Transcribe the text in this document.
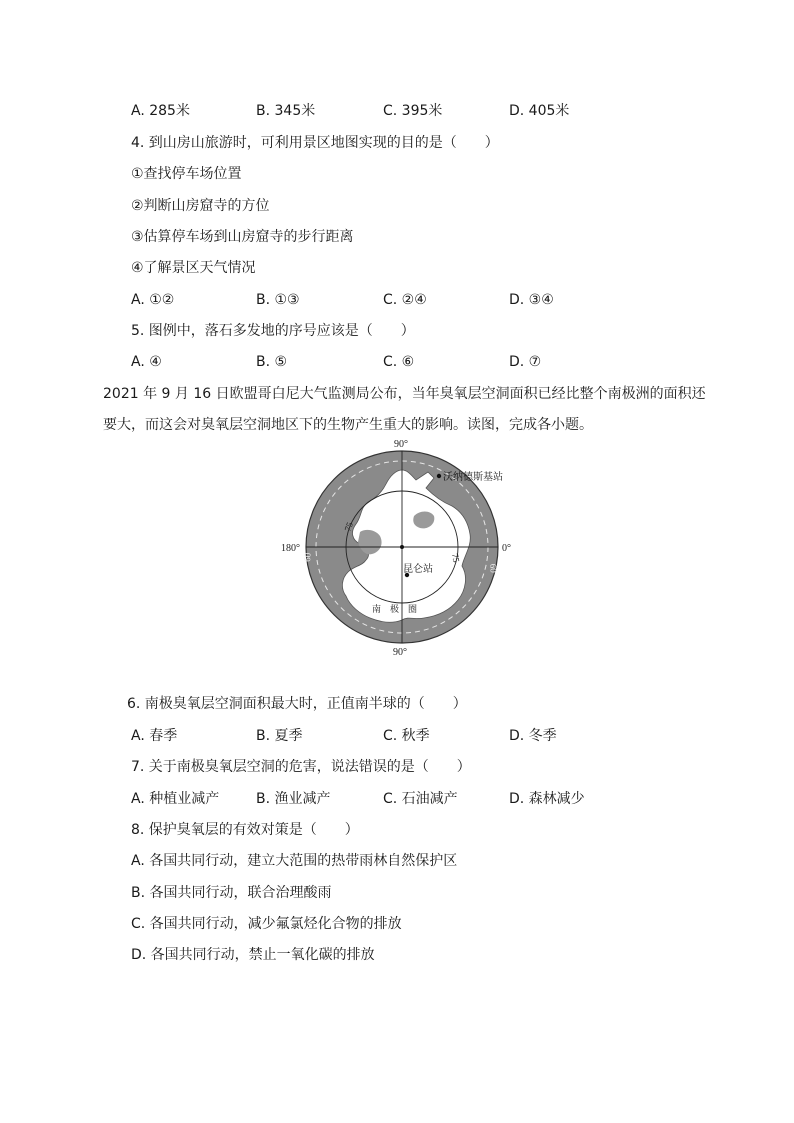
A. 285米	B. 345米	C. 395米	D. 405米
4. 到山房山旅游时，可利用景区地图实现的目的是（　　）
①查找停车场位置
②判断山房窟寺的方位
③估算停车场到山房窟寺的步行距离
④了解景区天气情况
A. ①②	B. ①③	C. ②④	D. ③④
5. 图例中，落石多发地的序号应该是（　　）
A. ④	B. ⑤	C. ⑥	D. ⑦
2021 年 9 月 16 日欧盟哥白尼大气监测局公布，当年臭氧层空洞面积已经比整个南极洲的面积还
要大，而这会对臭氧层空洞地区下的生物产生重大的影响。读图，完成各小题。
90°
90°
180°	0°
沃纳德斯基站
昆仑站
75
75
60
60
南　极　圈
6. 南极臭氧层空洞面积最大时，正值南半球的（　　）
A. 春季	B. 夏季	C. 秋季	D. 冬季
7. 关于南极臭氧层空洞的危害，说法错误的是（　　）
A. 种植业减产	B. 渔业减产	C. 石油减产	D. 森林减少
8. 保护臭氧层的有效对策是（　　）
A. 各国共同行动，建立大范围的热带雨林自然保护区
B. 各国共同行动，联合治理酸雨
C. 各国共同行动，减少氟氯烃化合物的排放
D. 各国共同行动，禁止一氧化碳的排放
